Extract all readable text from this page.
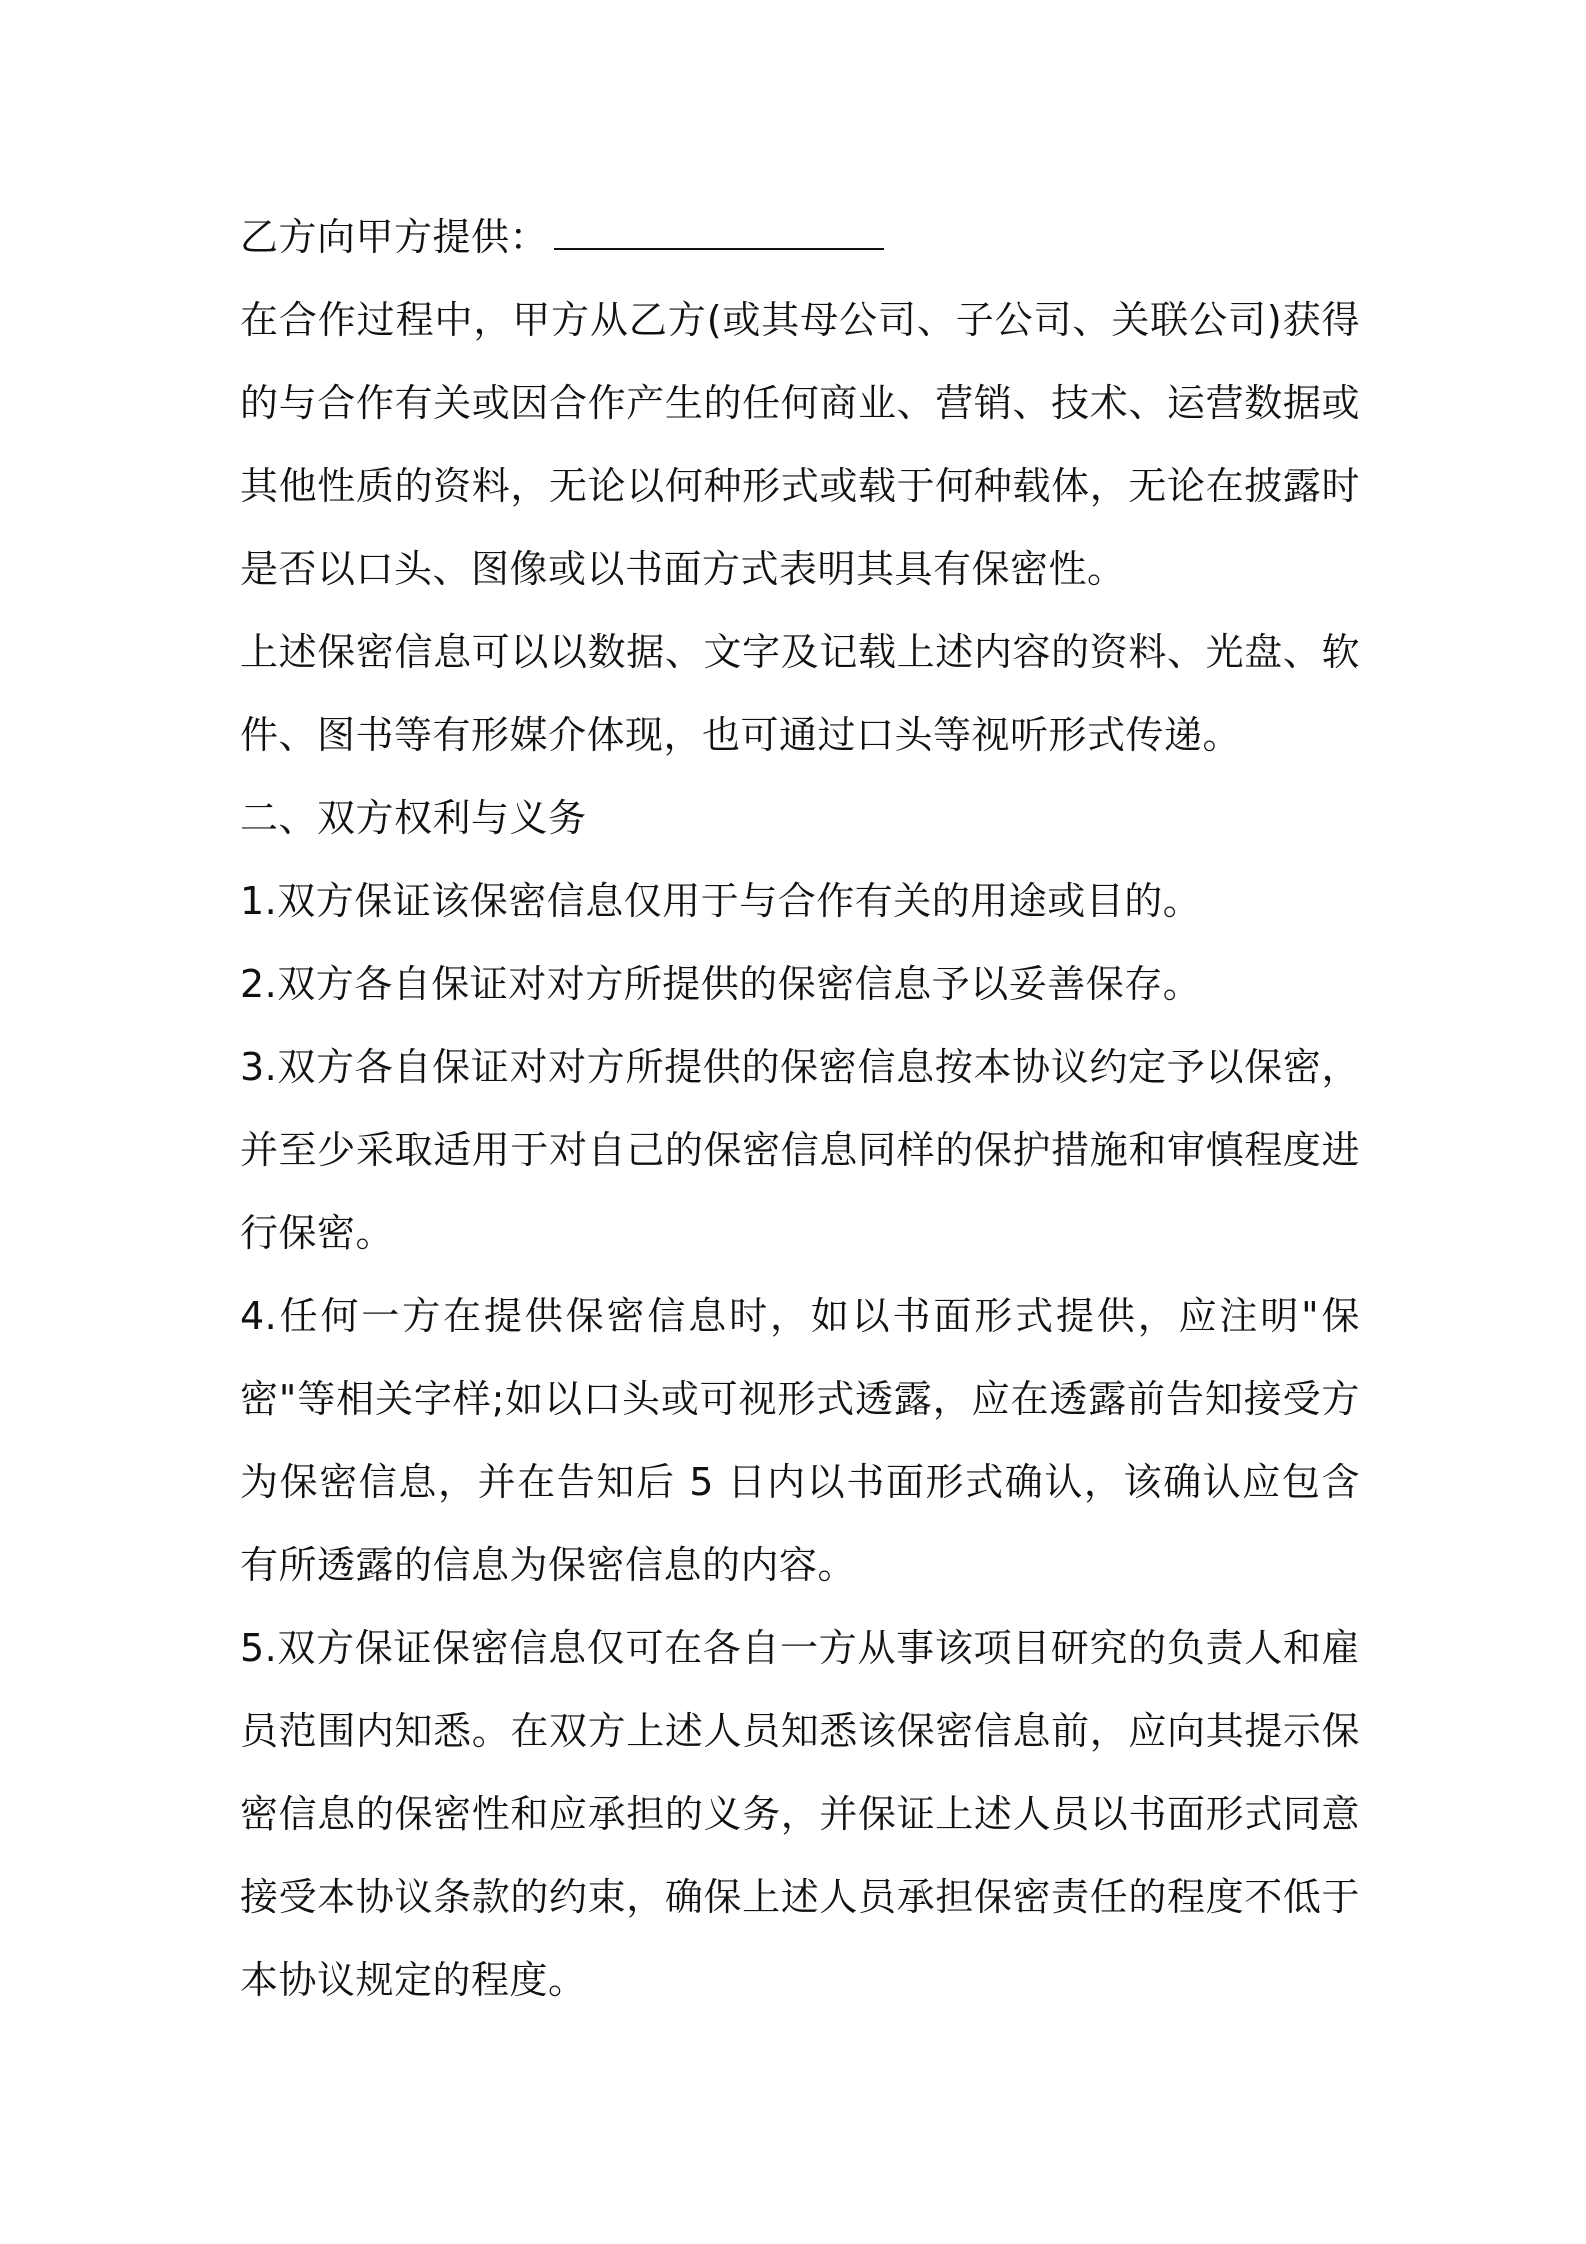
乙方向甲方提供：

在合作过程中，甲方从乙方(或其母公司、子公司、关联公司)获得的与合作有关或因合作产生的任何商业、营销、技术、运营数据或其他性质的资料，无论以何种形式或载于何种载体，无论在披露时是否以口头、图像或以书面方式表明其具有保密性。

上述保密信息可以以数据、文字及记载上述内容的资料、光盘、软件、图书等有形媒介体现，也可通过口头等视听形式传递。

二、双方权利与义务

1.双方保证该保密信息仅用于与合作有关的用途或目的。

2.双方各自保证对对方所提供的保密信息予以妥善保存。

3.双方各自保证对对方所提供的保密信息按本协议约定予以保密，并至少采取适用于对自己的保密信息同样的保护措施和审慎程度进行保密。

4.任何一方在提供保密信息时，如以书面形式提供，应注明"保密"等相关字样;如以口头或可视形式透露，应在透露前告知接受方为保密信息，并在告知后 5 日内以书面形式确认，该确认应包含有所透露的信息为保密信息的内容。

5.双方保证保密信息仅可在各自一方从事该项目研究的负责人和雇员范围内知悉。在双方上述人员知悉该保密信息前，应向其提示保密信息的保密性和应承担的义务，并保证上述人员以书面形式同意接受本协议条款的约束，确保上述人员承担保密责任的程度不低于本协议规定的程度。
